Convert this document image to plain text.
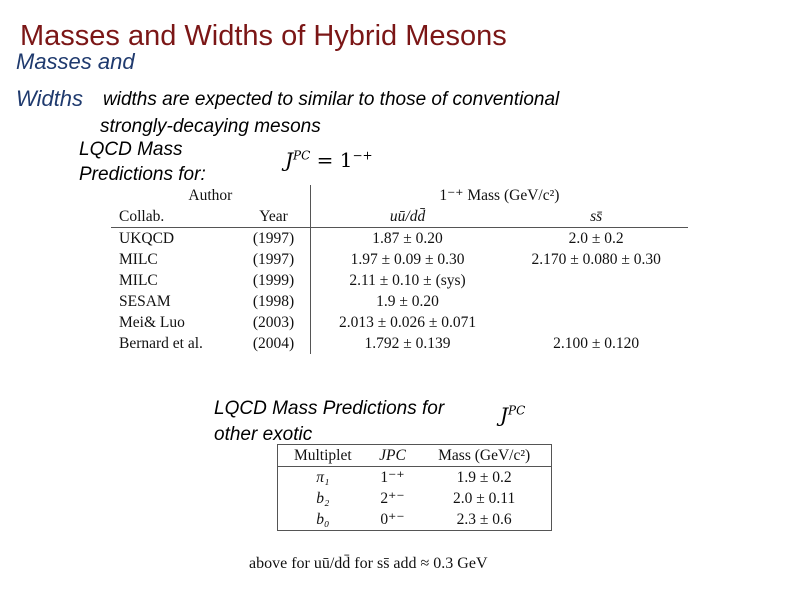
Masses and Widths of Hybrid Mesons
Masses and
Widths widths are expected to similar to those of conventional
strongly-decaying mesons
LQCD Mass
Predictions for:
$J^{PC} = 1^{-+}$
Author		1⁻⁺ Mass (GeV/c²)	
Collab.	Year	uū/dd̄	ss̄
UKQCD	(1997)	1.87 ± 0.20	2.0 ± 0.2
MILC	(1997)	1.97 ± 0.09 ± 0.30	2.170 ± 0.080 ± 0.30
MILC	(1999)	2.11 ± 0.10 ± (sys)	
SESAM	(1998)	1.9 ± 0.20	
Mei& Luo	(2003)	2.013 ± 0.026 ± 0.071	
Bernard et al.	(2004)	1.792 ± 0.139	2.100 ± 0.120
LQCD Mass Predictions for
other exotic
$J^{PC}$
Multiplet	JPC	Mass (GeV/c²)
π₁	1⁻⁺	1.9 ± 0.2
b₂	2⁺⁻	2.0 ± 0.11
b₀	0⁺⁻	2.3 ± 0.6
above for uū/dd̄ for ss̄ add ≈ 0.3 GeV
